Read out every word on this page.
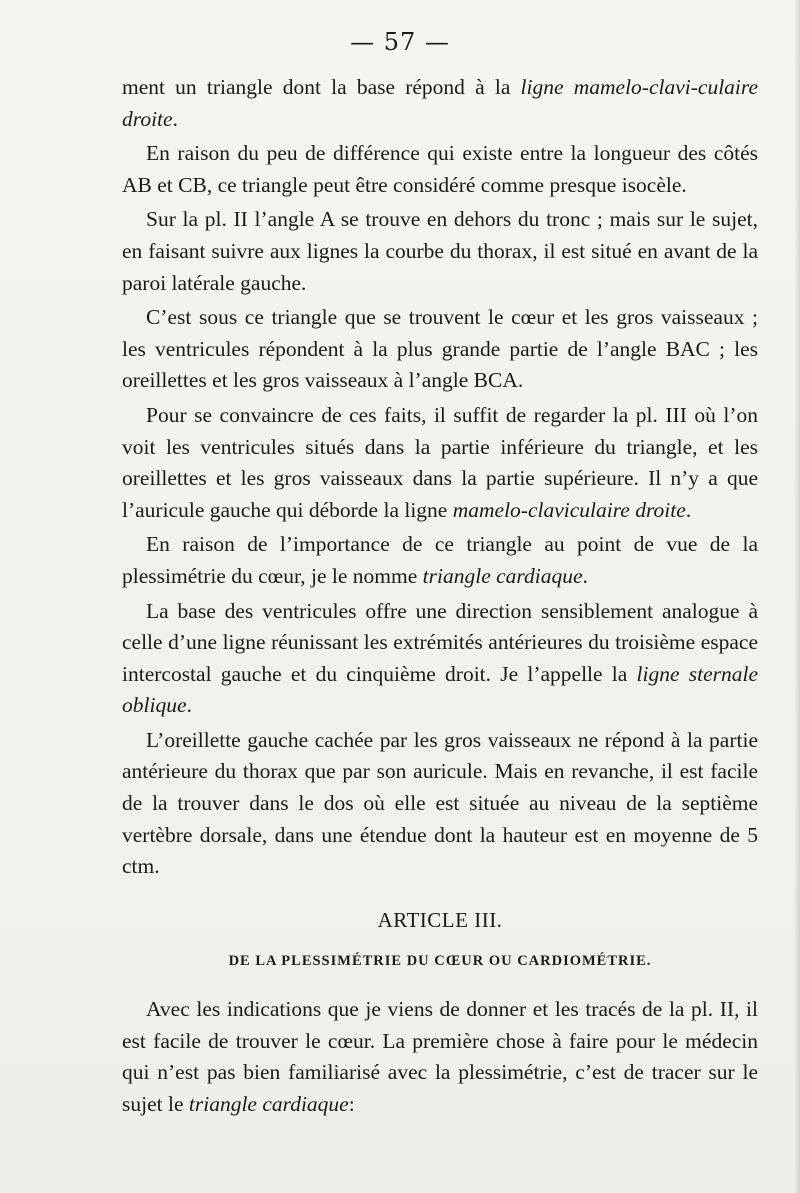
— 57 —

ment un triangle dont la base répond à la ligne mamelo-clavi-culaire droite.

En raison du peu de différence qui existe entre la longueur des côtés AB et CB, ce triangle peut être considéré comme presque isocèle.

Sur la pl. II l’angle A se trouve en dehors du tronc ; mais sur le sujet, en faisant suivre aux lignes la courbe du thorax, il est situé en avant de la paroi latérale gauche.

C’est sous ce triangle que se trouvent le cœur et les gros vaisseaux ; les ventricules répondent à la plus grande partie de l’angle BAC ; les oreillettes et les gros vaisseaux à l’angle BCA.

Pour se convaincre de ces faits, il suffit de regarder la pl. III où l’on voit les ventricules situés dans la partie inférieure du triangle, et les oreillettes et les gros vaisseaux dans la partie supérieure. Il n’y a que l’auricule gauche qui déborde la ligne mamelo-claviculaire droite.

En raison de l’importance de ce triangle au point de vue de la plessimétrie du cœur, je le nomme triangle cardiaque.

La base des ventricules offre une direction sensiblement analogue à celle d’une ligne réunissant les extrémités antérieures du troisième espace intercostal gauche et du cinquième droit. Je l’appelle la ligne sternale oblique.

L’oreillette gauche cachée par les gros vaisseaux ne répond à la partie antérieure du thorax que par son auricule. Mais en revanche, il est facile de la trouver dans le dos où elle est située au niveau de la septième vertèbre dorsale, dans une étendue dont la hauteur est en moyenne de 5 ctm.

ARTICLE III.

DE LA PLESSIMÉTRIE DU CŒUR OU CARDIOMÉTRIE.

Avec les indications que je viens de donner et les tracés de la pl. II, il est facile de trouver le cœur. La première chose à faire pour le médecin qui n’est pas bien familiarisé avec la plessimétrie, c’est de tracer sur le sujet le triangle cardiaque:
